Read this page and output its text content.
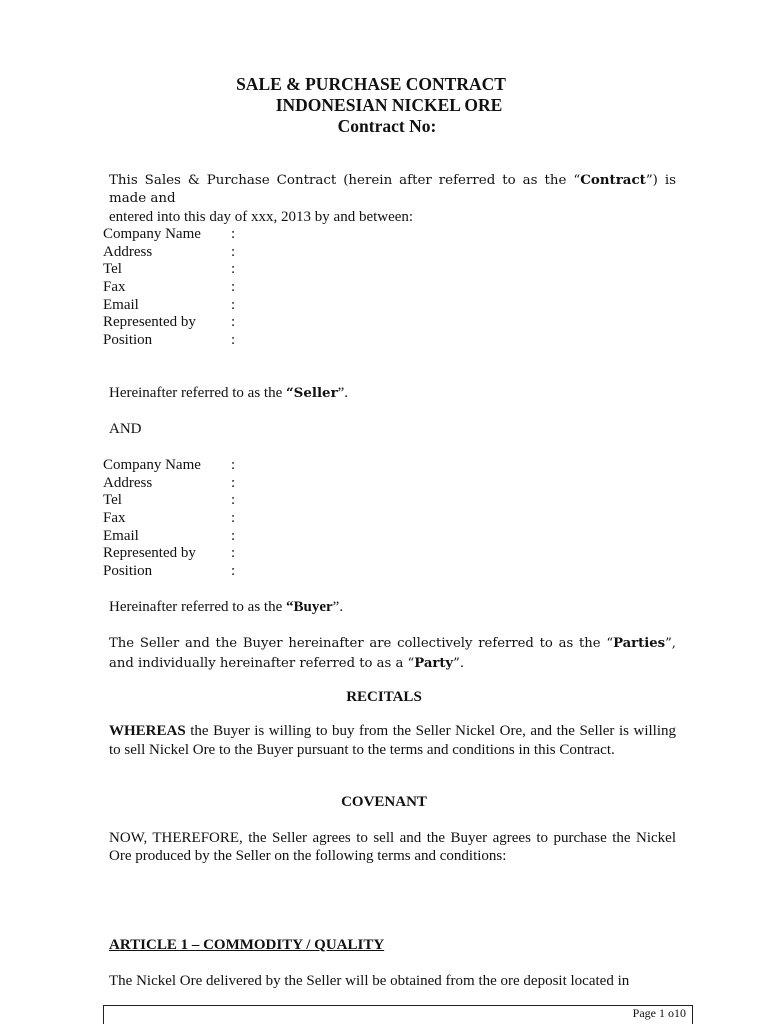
SALE & PURCHASE CONTRACT
INDONESIAN NICKEL ORE
Contract No:
This Sales & Purchase Contract (herein after referred to as the “Contract”) is made and
entered into this day of xxx, 2013 by and between:
Company Name :
Address	:
Tel	:
Fax	:
Email	:
Represented by :
Position	:
Hereinafter referred to as the “Seller”.
AND
Company Name :
Address	:
Tel	:
Fax	:
Email	:
Represented by :
Position	:
Hereinafter referred to as the “Buyer”.
The Seller and the Buyer hereinafter are collectively referred to as the “Parties”, and individually hereinafter referred to as a “Party”.
RECITALS
WHEREAS the Buyer is willing to buy from the Seller Nickel Ore, and the Seller is willing to sell Nickel Ore to the Buyer pursuant to the terms and conditions in this Contract.
COVENANT
NOW, THEREFORE, the Seller agrees to sell and the Buyer agrees to purchase the Nickel Ore produced by the Seller on the following terms and conditions:
ARTICLE 1 – COMMODITY / QUALITY
The Nickel Ore delivered by the Seller will be obtained from the ore deposit located in
Page 1 o10
